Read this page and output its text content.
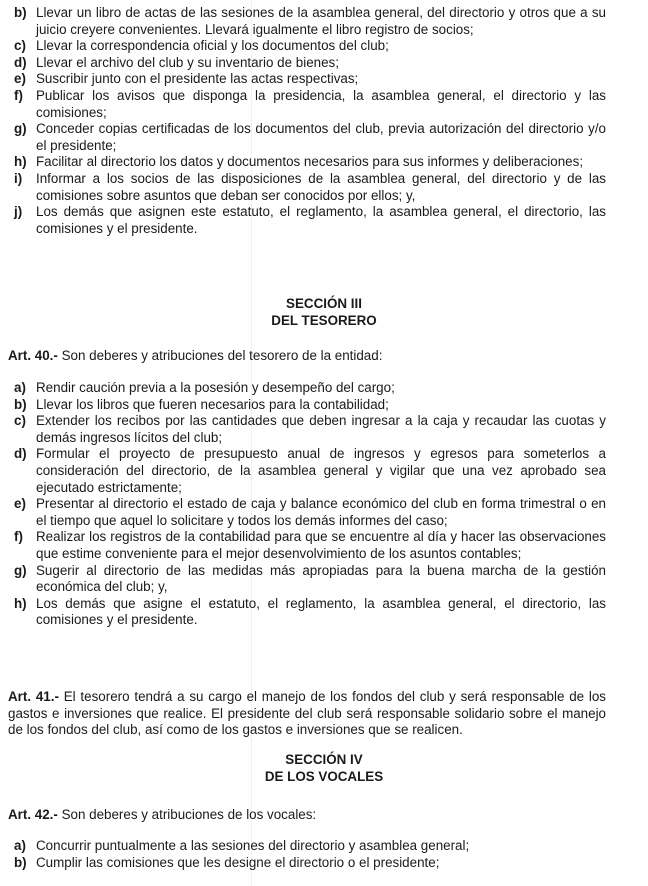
b) Llevar un libro de actas de las sesiones de la asamblea general, del directorio y otros que a su juicio creyere convenientes. Llevará igualmente el libro registro de socios;
c) Llevar la correspondencia oficial y los documentos del club;
d) Llevar el archivo del club y su inventario de bienes;
e) Suscribir junto con el presidente las actas respectivas;
f) Publicar los avisos que disponga la presidencia, la asamblea general, el directorio y las comisiones;
g) Conceder copias certificadas de los documentos del club, previa autorización del directorio y/o el presidente;
h) Facilitar al directorio los datos y documentos necesarios para sus informes y deliberaciones;
i) Informar a los socios de las disposiciones de la asamblea general, del directorio y de las comisiones sobre asuntos que deban ser conocidos por ellos; y,
j) Los demás que asignen este estatuto, el reglamento, la asamblea general, el directorio, las comisiones y el presidente.

SECCIÓN III

DEL TESORERO

Art. 40.- Son deberes y atribuciones del tesorero de la entidad:

a) Rendir caución previa a la posesión y desempeño del cargo;
b) Llevar los libros que fueren necesarios para la contabilidad;
c) Extender los recibos por las cantidades que deben ingresar a la caja y recaudar las cuotas y demás ingresos lícitos del club;
d) Formular el proyecto de presupuesto anual de ingresos y egresos para someterlos a consideración del directorio, de la asamblea general y vigilar que una vez aprobado sea ejecutado estrictamente;
e) Presentar al directorio el estado de caja y balance económico del club en forma trimestral o en el tiempo que aquel lo solicitare y todos los demás informes del caso;
f) Realizar los registros de la contabilidad para que se encuentre al día y hacer las observaciones que estime conveniente para el mejor desenvolvimiento de los asuntos contables;
g) Sugerir al directorio de las medidas más apropiadas para la buena marcha de la gestión económica del club; y,
h) Los demás que asigne el estatuto, el reglamento, la asamblea general, el directorio, las comisiones y el presidente.

Art. 41.- El tesorero tendrá a su cargo el manejo de los fondos del club y será responsable de los gastos e inversiones que realice. El presidente del club será responsable solidario sobre el manejo de los fondos del club, así como de los gastos e inversiones que se realicen.

SECCIÓN IV

DE LOS VOCALES

Art. 42.- Son deberes y atribuciones de los vocales:

a) Concurrir puntualmente a las sesiones del directorio y asamblea general;
b) Cumplir las comisiones que les designe el directorio o el presidente;
